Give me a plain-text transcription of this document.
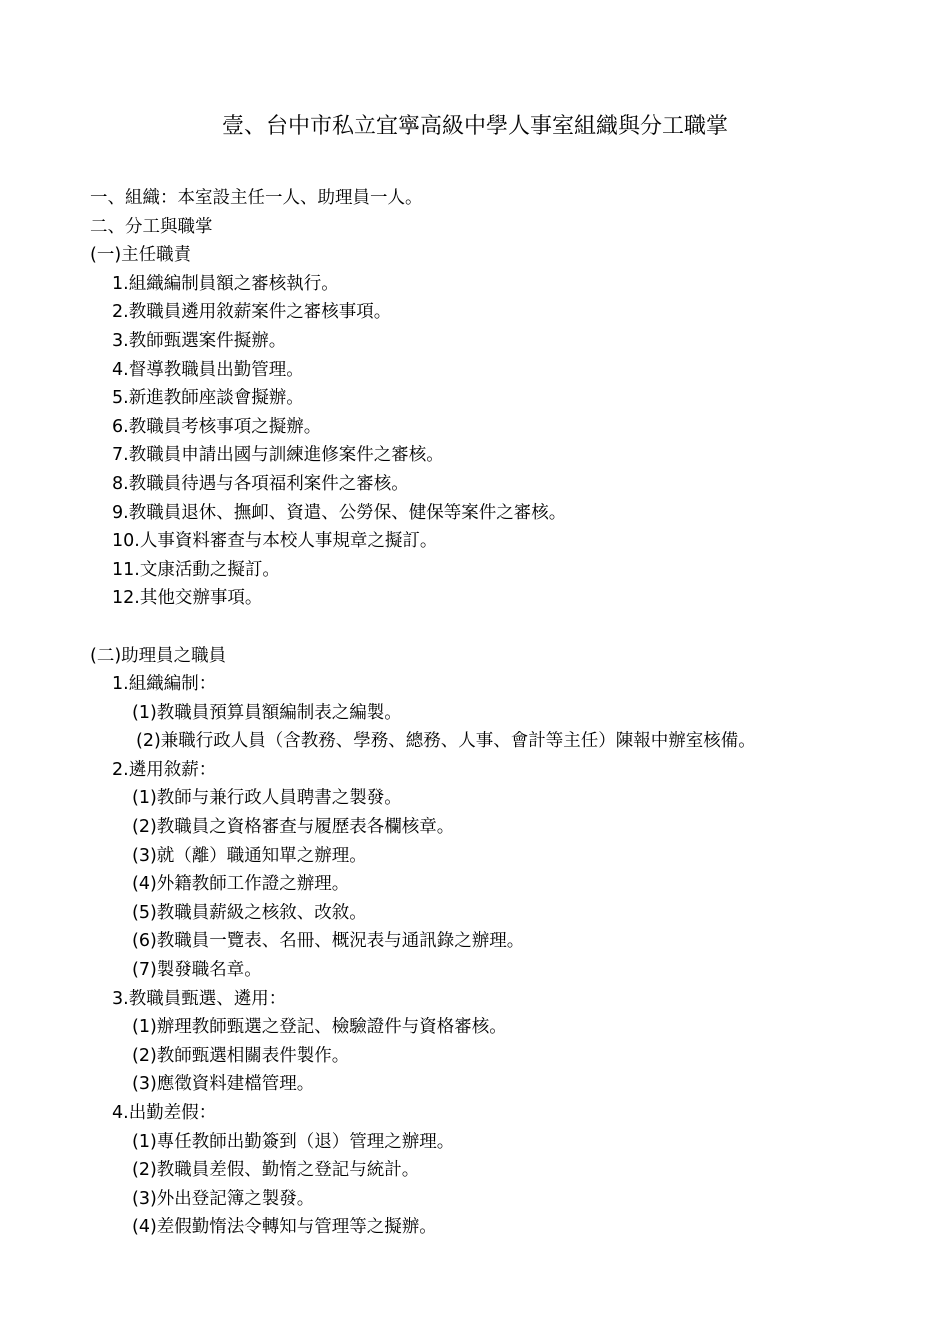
壹、台中市私立宜寧高級中學人事室組織與分工職掌
一、組織：本室設主任一人、助理員一人。
二、分工與職掌
(一)主任職責
1.組織編制員額之審核執行。
2.教職員遴用敘薪案件之審核事項。
3.教師甄選案件擬辦。
4.督導教職員出勤管理。
5.新進教師座談會擬辦。
6.教職員考核事項之擬辦。
7.教職員申請出國与訓練進修案件之審核。
8.教職員待遇与各項福利案件之審核。
9.教職員退休、撫卹、資遣、公勞保、健保等案件之審核。
10.人事資料審查与本校人事規章之擬訂。
11.文康活動之擬訂。
12.其他交辦事項。
(二)助理員之職員
1.組織編制：
(1)教職員預算員額編制表之編製。
(2)兼職行政人員（含教務、學務、總務、人事、會計等主任）陳報中辦室核備。
2.遴用敘薪：
(1)教師与兼行政人員聘書之製發。
(2)教職員之資格審查与履歷表各欄核章。
(3)就（離）職通知單之辦理。
(4)外籍教師工作證之辦理。
(5)教職員薪級之核敘、改敘。
(6)教職員一覽表、名冊、概況表与通訊錄之辦理。
(7)製發職名章。
3.教職員甄選、遴用：
(1)辦理教師甄選之登記、檢驗證件与資格審核。
(2)教師甄選相關表件製作。
(3)應徵資料建檔管理。
4.出勤差假：
(1)專任教師出勤簽到（退）管理之辦理。
(2)教職員差假、勤惰之登記与統計。
(3)外出登記簿之製發。
(4)差假勤惰法令轉知与管理等之擬辦。
